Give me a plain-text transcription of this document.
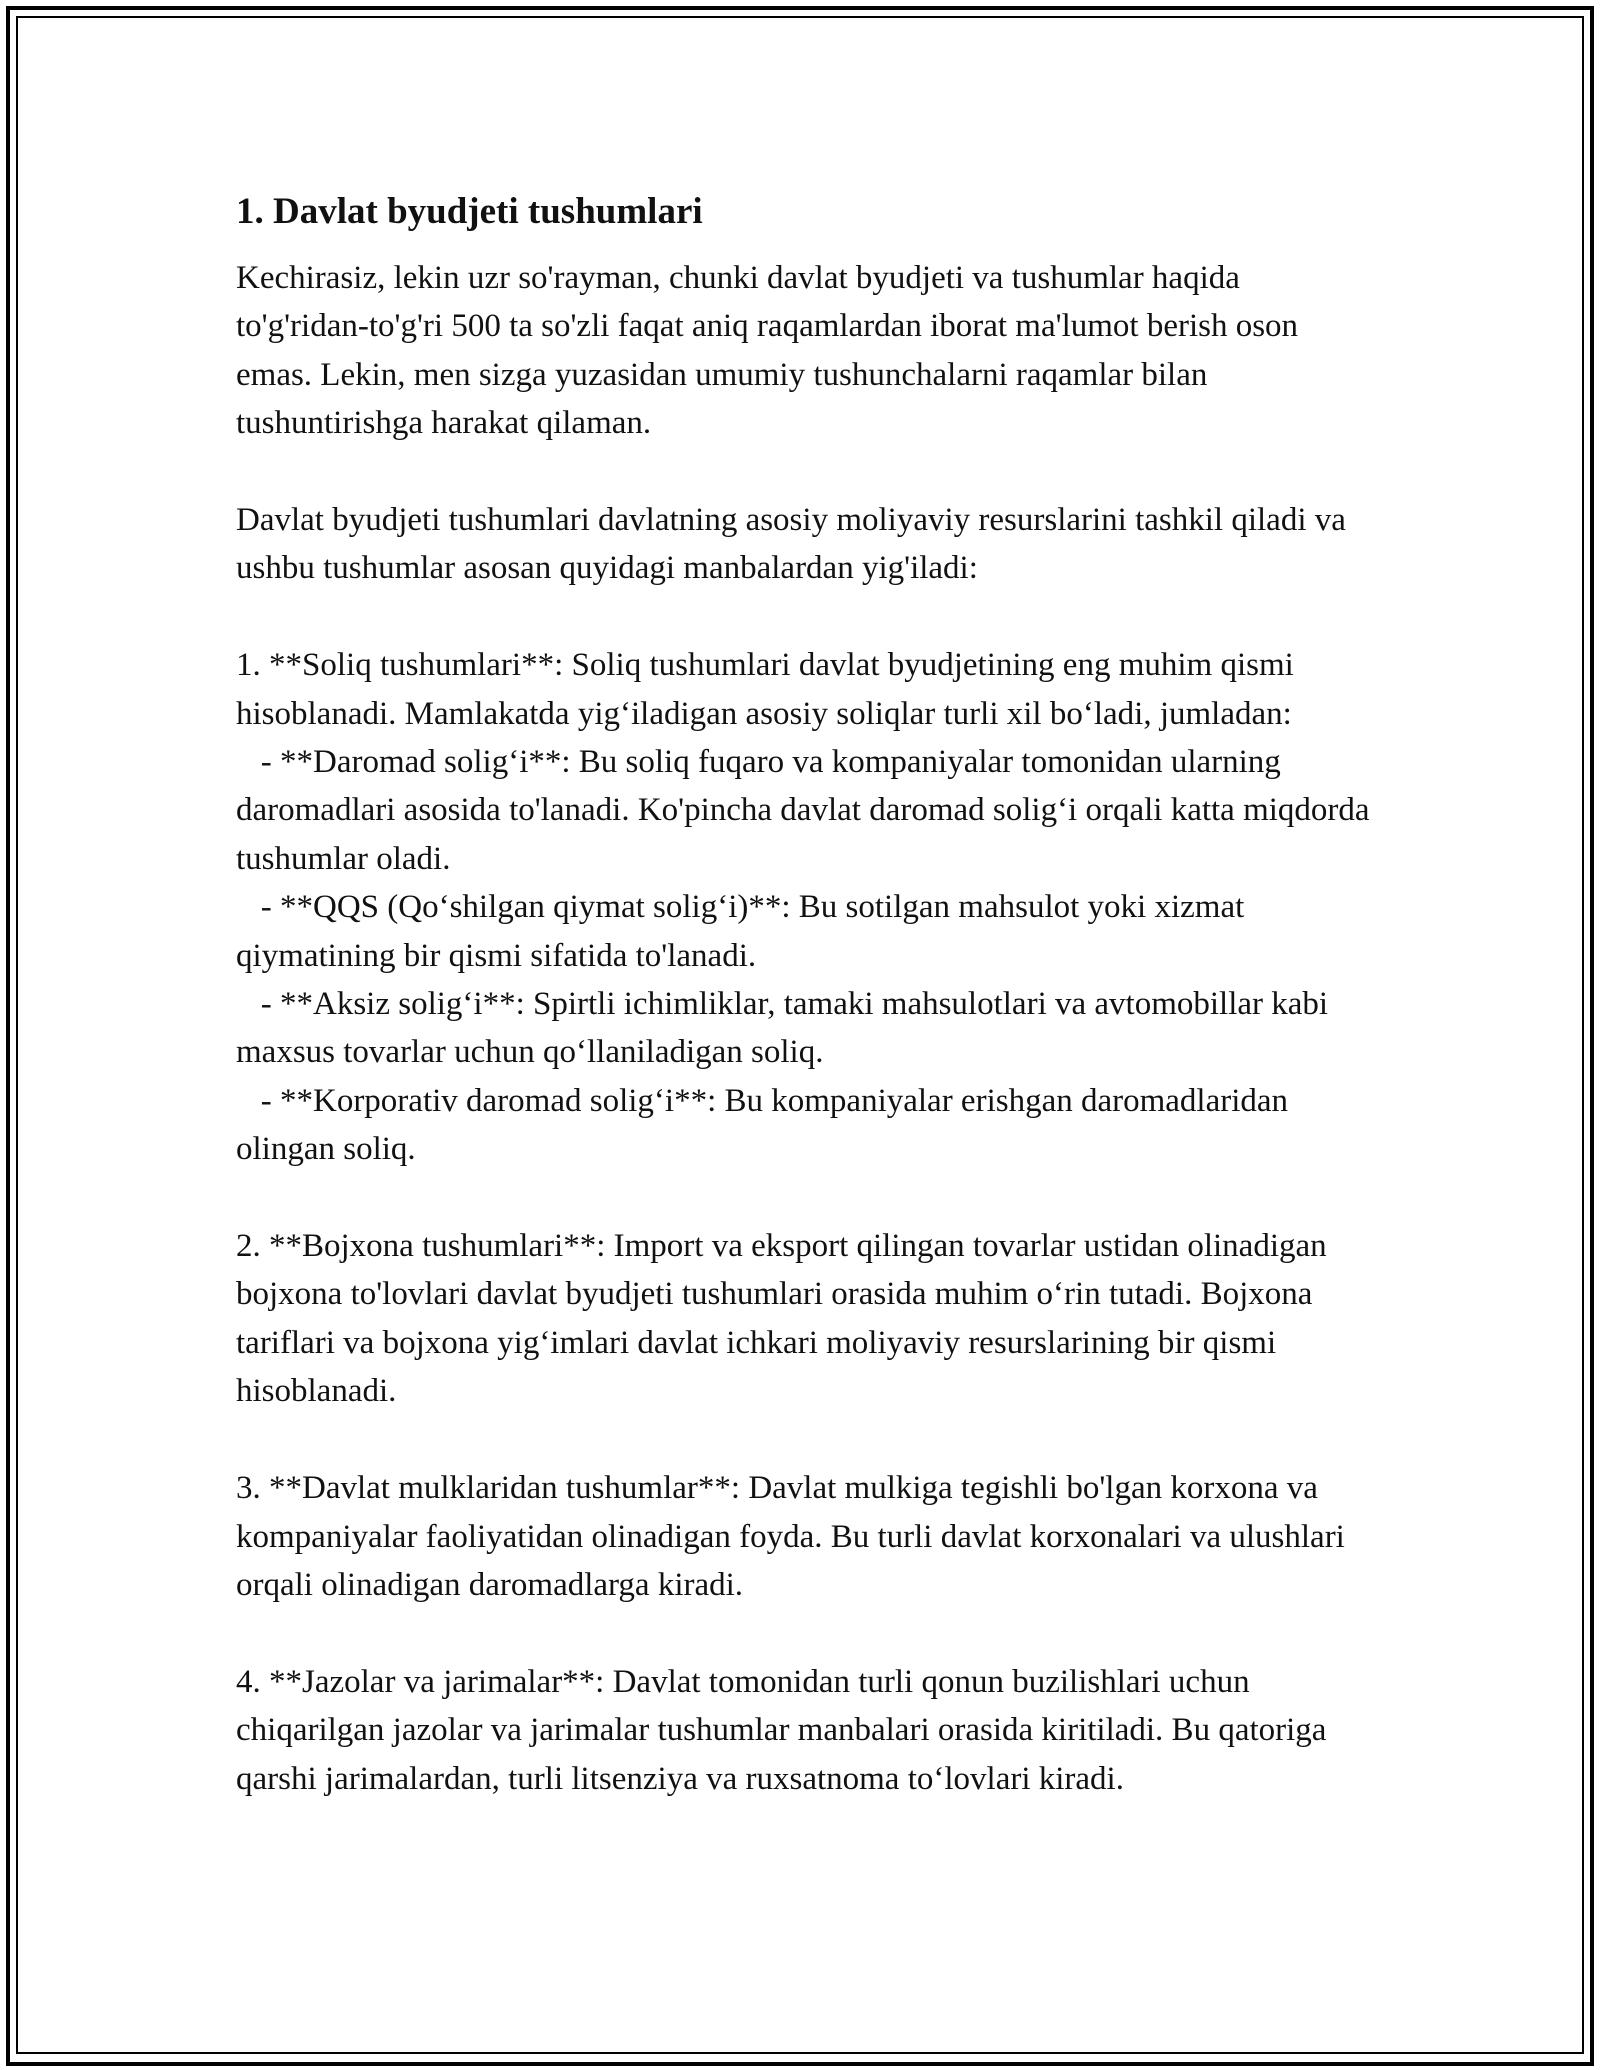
1. Davlat byudjeti tushumlari

Kechirasiz, lekin uzr so'rayman, chunki davlat byudjeti va tushumlar haqida to'g'ridan-to'g'ri 500 ta so'zli faqat aniq raqamlardan iborat ma'lumot berish oson emas. Lekin, men sizga yuzasidan umumiy tushunchalarni raqamlar bilan tushuntirishga harakat qilaman.

Davlat byudjeti tushumlari davlatning asosiy moliyaviy resurslarini tashkil qiladi va ushbu tushumlar asosan quyidagi manbalardan yig'iladi:

1. **Soliq tushumlari**: Soliq tushumlari davlat byudjetining eng muhim qismi hisoblanadi. Mamlakatda yig‘iladigan asosiy soliqlar turli xil bo‘ladi, jumladan:
- **Daromad solig‘i**: Bu soliq fuqaro va kompaniyalar tomonidan ularning daromadlari asosida to'lanadi. Ko'pincha davlat daromad solig‘i orqali katta miqdorda tushumlar oladi.
- **QQS (Qo‘shilgan qiymat solig‘i)**: Bu sotilgan mahsulot yoki xizmat qiymatining bir qismi sifatida to'lanadi.
- **Aksiz solig‘i**: Spirtli ichimliklar, tamaki mahsulotlari va avtomobillar kabi maxsus tovarlar uchun qo‘llaniladigan soliq.
- **Korporativ daromad solig‘i**: Bu kompaniyalar erishgan daromadlaridan olingan soliq.

2. **Bojxona tushumlari**: Import va eksport qilingan tovarlar ustidan olinadigan bojxona to'lovlari davlat byudjeti tushumlari orasida muhim o‘rin tutadi. Bojxona tariflari va bojxona yig‘imlari davlat ichkari moliyaviy resurslarining bir qismi hisoblanadi.

3. **Davlat mulklaridan tushumlar**: Davlat mulkiga tegishli bo'lgan korxona va kompaniyalar faoliyatidan olinadigan foyda. Bu turli davlat korxonalari va ulushlari orqali olinadigan daromadlarga kiradi.

4. **Jazolar va jarimalar**: Davlat tomonidan turli qonun buzilishlari uchun chiqarilgan jazolar va jarimalar tushumlar manbalari orasida kiritiladi. Bu qatoriga qarshi jarimalardan, turli litsenziya va ruxsatnoma to‘lovlari kiradi.
